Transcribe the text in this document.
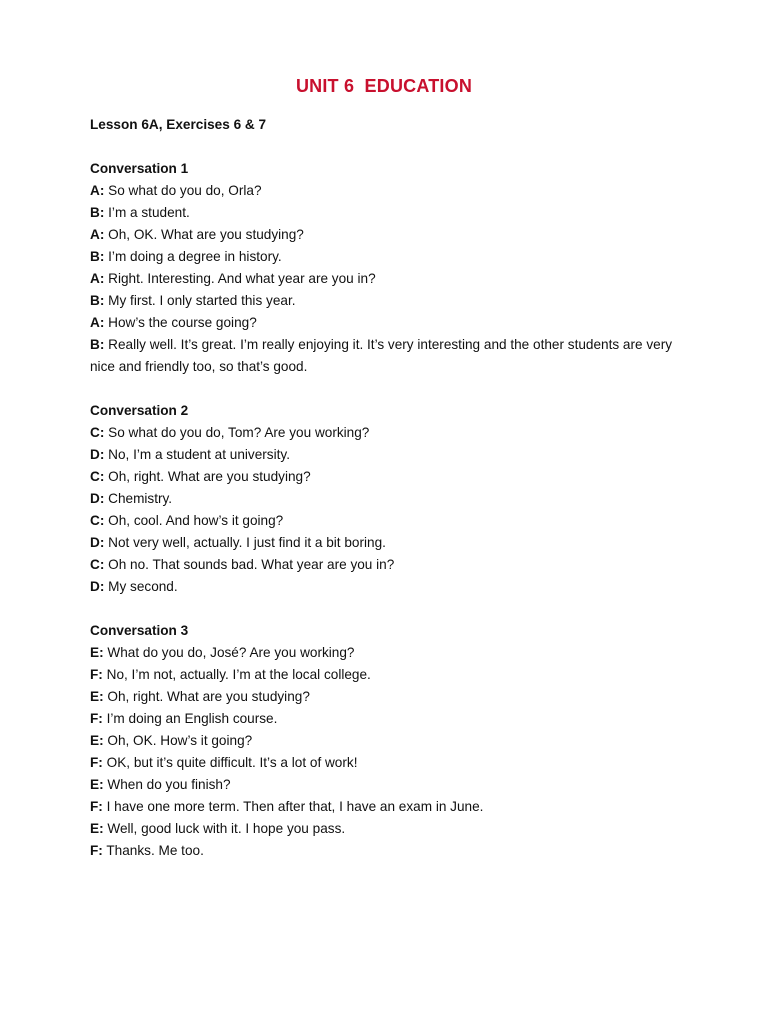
UNIT 6  EDUCATION

Lesson 6A, Exercises 6 & 7

Conversation 1

A: So what do you do, Orla?

B: I’m a student.

A: Oh, OK. What are you studying?

B: I’m doing a degree in history.

A: Right. Interesting. And what year are you in?

B: My first. I only started this year.

A: How’s the course going?

B: Really well. It’s great. I’m really enjoying it. It’s very interesting and the other students are very nice and friendly too, so that’s good.

Conversation 2

C: So what do you do, Tom? Are you working?

D: No, I’m a student at university.

C: Oh, right. What are you studying?

D: Chemistry.

C: Oh, cool. And how’s it going?

D: Not very well, actually. I just find it a bit boring.

C: Oh no. That sounds bad. What year are you in?

D: My second.

Conversation 3

E: What do you do, José? Are you working?

F: No, I’m not, actually. I’m at the local college.

E: Oh, right. What are you studying?

F: I’m doing an English course.

E: Oh, OK. How’s it going?

F: OK, but it’s quite difficult. It’s a lot of work!

E: When do you finish?

F: I have one more term. Then after that, I have an exam in June.

E: Well, good luck with it. I hope you pass.

F: Thanks. Me too.
